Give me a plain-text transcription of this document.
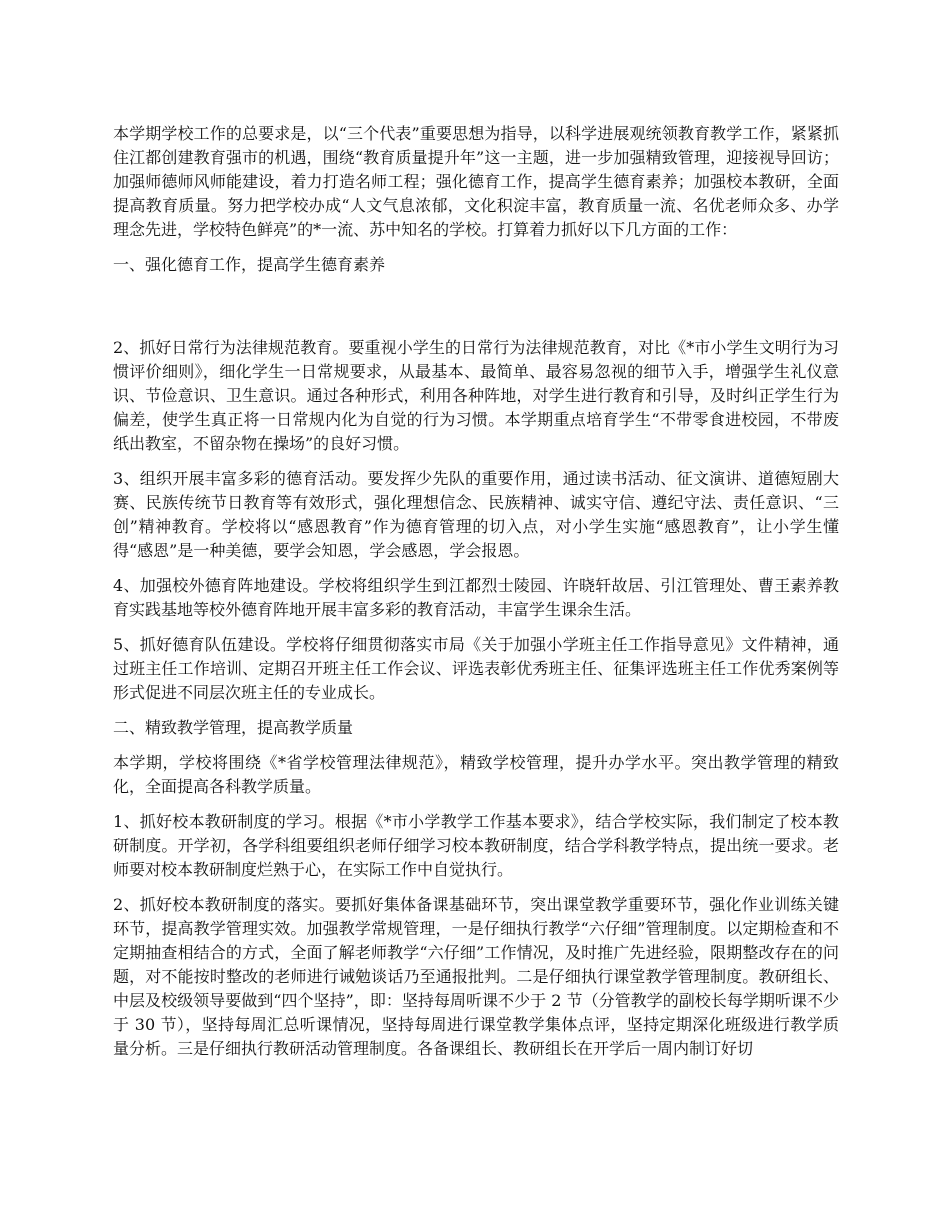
本学期学校工作的总要求是，以“三个代表”重要思想为指导，以科学进展观统领教育教学工作，紧紧抓住江都创建教育强市的机遇，围绕“教育质量提升年”这一主题，进一步加强精致管理，迎接视导回访；加强师德师风师能建设，着力打造名师工程；强化德育工作，提高学生德育素养；加强校本教研，全面提高教育质量。努力把学校办成“人文气息浓郁，文化积淀丰富，教育质量一流、名优老师众多、办学理念先进，学校特色鲜亮”的*一流、苏中知名的学校。打算着力抓好以下几方面的工作：

一、强化德育工作，提高学生德育素养

2、抓好日常行为法律规范教育。要重视小学生的日常行为法律规范教育，对比《*市小学生文明行为习惯评价细则》，细化学生一日常规要求，从最基本、最简单、最容易忽视的细节入手，增强学生礼仪意识、节俭意识、卫生意识。通过各种形式，利用各种阵地，对学生进行教育和引导，及时纠正学生行为偏差，使学生真正将一日常规内化为自觉的行为习惯。本学期重点培育学生“不带零食进校园，不带废纸出教室，不留杂物在操场”的良好习惯。

3、组织开展丰富多彩的德育活动。要发挥少先队的重要作用，通过读书活动、征文演讲、道德短剧大赛、民族传统节日教育等有效形式，强化理想信念、民族精神、诚实守信、遵纪守法、责任意识、“三创”精神教育。学校将以“感恩教育”作为德育管理的切入点，对小学生实施“感恩教育”，让小学生懂得“感恩”是一种美德，要学会知恩，学会感恩，学会报恩。

4、加强校外德育阵地建设。学校将组织学生到江都烈士陵园、许晓轩故居、引江管理处、曹王素养教育实践基地等校外德育阵地开展丰富多彩的教育活动，丰富学生课余生活。

5、抓好德育队伍建设。学校将仔细贯彻落实市局《关于加强小学班主任工作指导意见》文件精神，通过班主任工作培训、定期召开班主任工作会议、评选表彰优秀班主任、征集评选班主任工作优秀案例等形式促进不同层次班主任的专业成长。

二、精致教学管理，提高教学质量

本学期，学校将围绕《*省学校管理法律规范》，精致学校管理，提升办学水平。突出教学管理的精致化，全面提高各科教学质量。

1、抓好校本教研制度的学习。根据《*市小学教学工作基本要求》，结合学校实际，我们制定了校本教研制度。开学初，各学科组要组织老师仔细学习校本教研制度，结合学科教学特点，提出统一要求。老师要对校本教研制度烂熟于心，在实际工作中自觉执行。

2、抓好校本教研制度的落实。要抓好集体备课基础环节，突出课堂教学重要环节，强化作业训练关键环节，提高教学管理实效。加强教学常规管理，一是仔细执行教学“六仔细”管理制度。以定期检查和不定期抽查相结合的方式，全面了解老师教学“六仔细”工作情况，及时推广先进经验，限期整改存在的问题，对不能按时整改的老师进行诫勉谈话乃至通报批判。二是仔细执行课堂教学管理制度。教研组长、中层及校级领导要做到“四个坚持”，即：坚持每周听课不少于 2 节（分管教学的副校长每学期听课不少于 30 节），坚持每周汇总听课情况，坚持每周进行课堂教学集体点评，坚持定期深化班级进行教学质量分析。三是仔细执行教研活动管理制度。各备课组长、教研组长在开学后一周内制订好切
